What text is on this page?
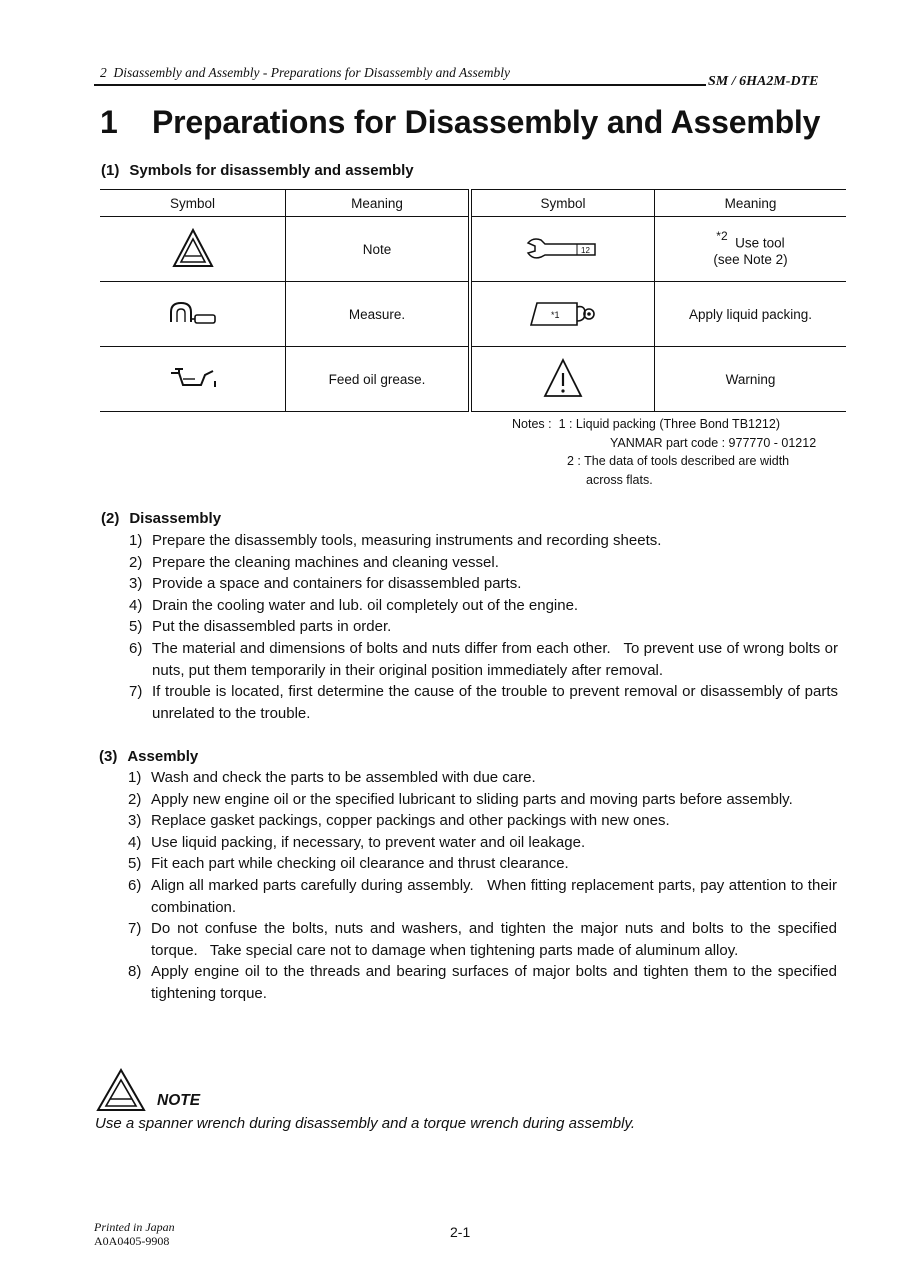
2  Disassembly and Assembly - Preparations for Disassembly and Assembly
SM / 6HA2M-DTE
1 Preparations for Disassembly and Assembly
(1) Symbols for disassembly and assembly
Symbol	Meaning	Symbol	Meaning
	Note	12	$^{*2}$ Use tool
(see Note 2)
	Measure.	*1	Apply liquid packing.
	Feed oil grease.		Warning
Notes : 1 : Liquid packing (Three Bond TB1212)
YANMAR part code : 977770 - 01212
2 : The data of tools described are width
across flats.
(2) Disassembly
1) Prepare the disassembly tools, measuring instruments and recording sheets.
2) Prepare the cleaning machines and cleaning vessel.
3) Provide a space and containers for disassembled parts.
4) Drain the cooling water and lub. oil completely out of the engine.
5) Put the disassembled parts in order.
6) The material and dimensions of bolts and nuts differ from each other.   To prevent use of wrong bolts or nuts, put them temporarily in their original position immediately after removal.
7) If trouble is located, first determine the cause of the trouble to prevent removal or disassembly of parts unrelated to the trouble.
(3) Assembly
1) Wash and check the parts to be assembled with due care.
2) Apply new engine oil or the specified lubricant to sliding parts and moving parts before assembly.
3) Replace gasket packings, copper packings and other packings with new ones.
4) Use liquid packing, if necessary, to prevent water and oil leakage.
5) Fit each part while checking oil clearance and thrust clearance.
6) Align all marked parts carefully during assembly.   When fitting replacement parts, pay attention to their combination.
7) Do not confuse the bolts, nuts and washers, and tighten the major nuts and bolts to the specified torque.   Take special care not to damage when tightening parts made of aluminum alloy.
8) Apply engine oil to the threads and bearing surfaces of major bolts and tighten them to the specified tightening torque.
NOTE
Use a spanner wrench during disassembly and a torque wrench during assembly.
Printed in Japan
A0A0405-9908
2-1
